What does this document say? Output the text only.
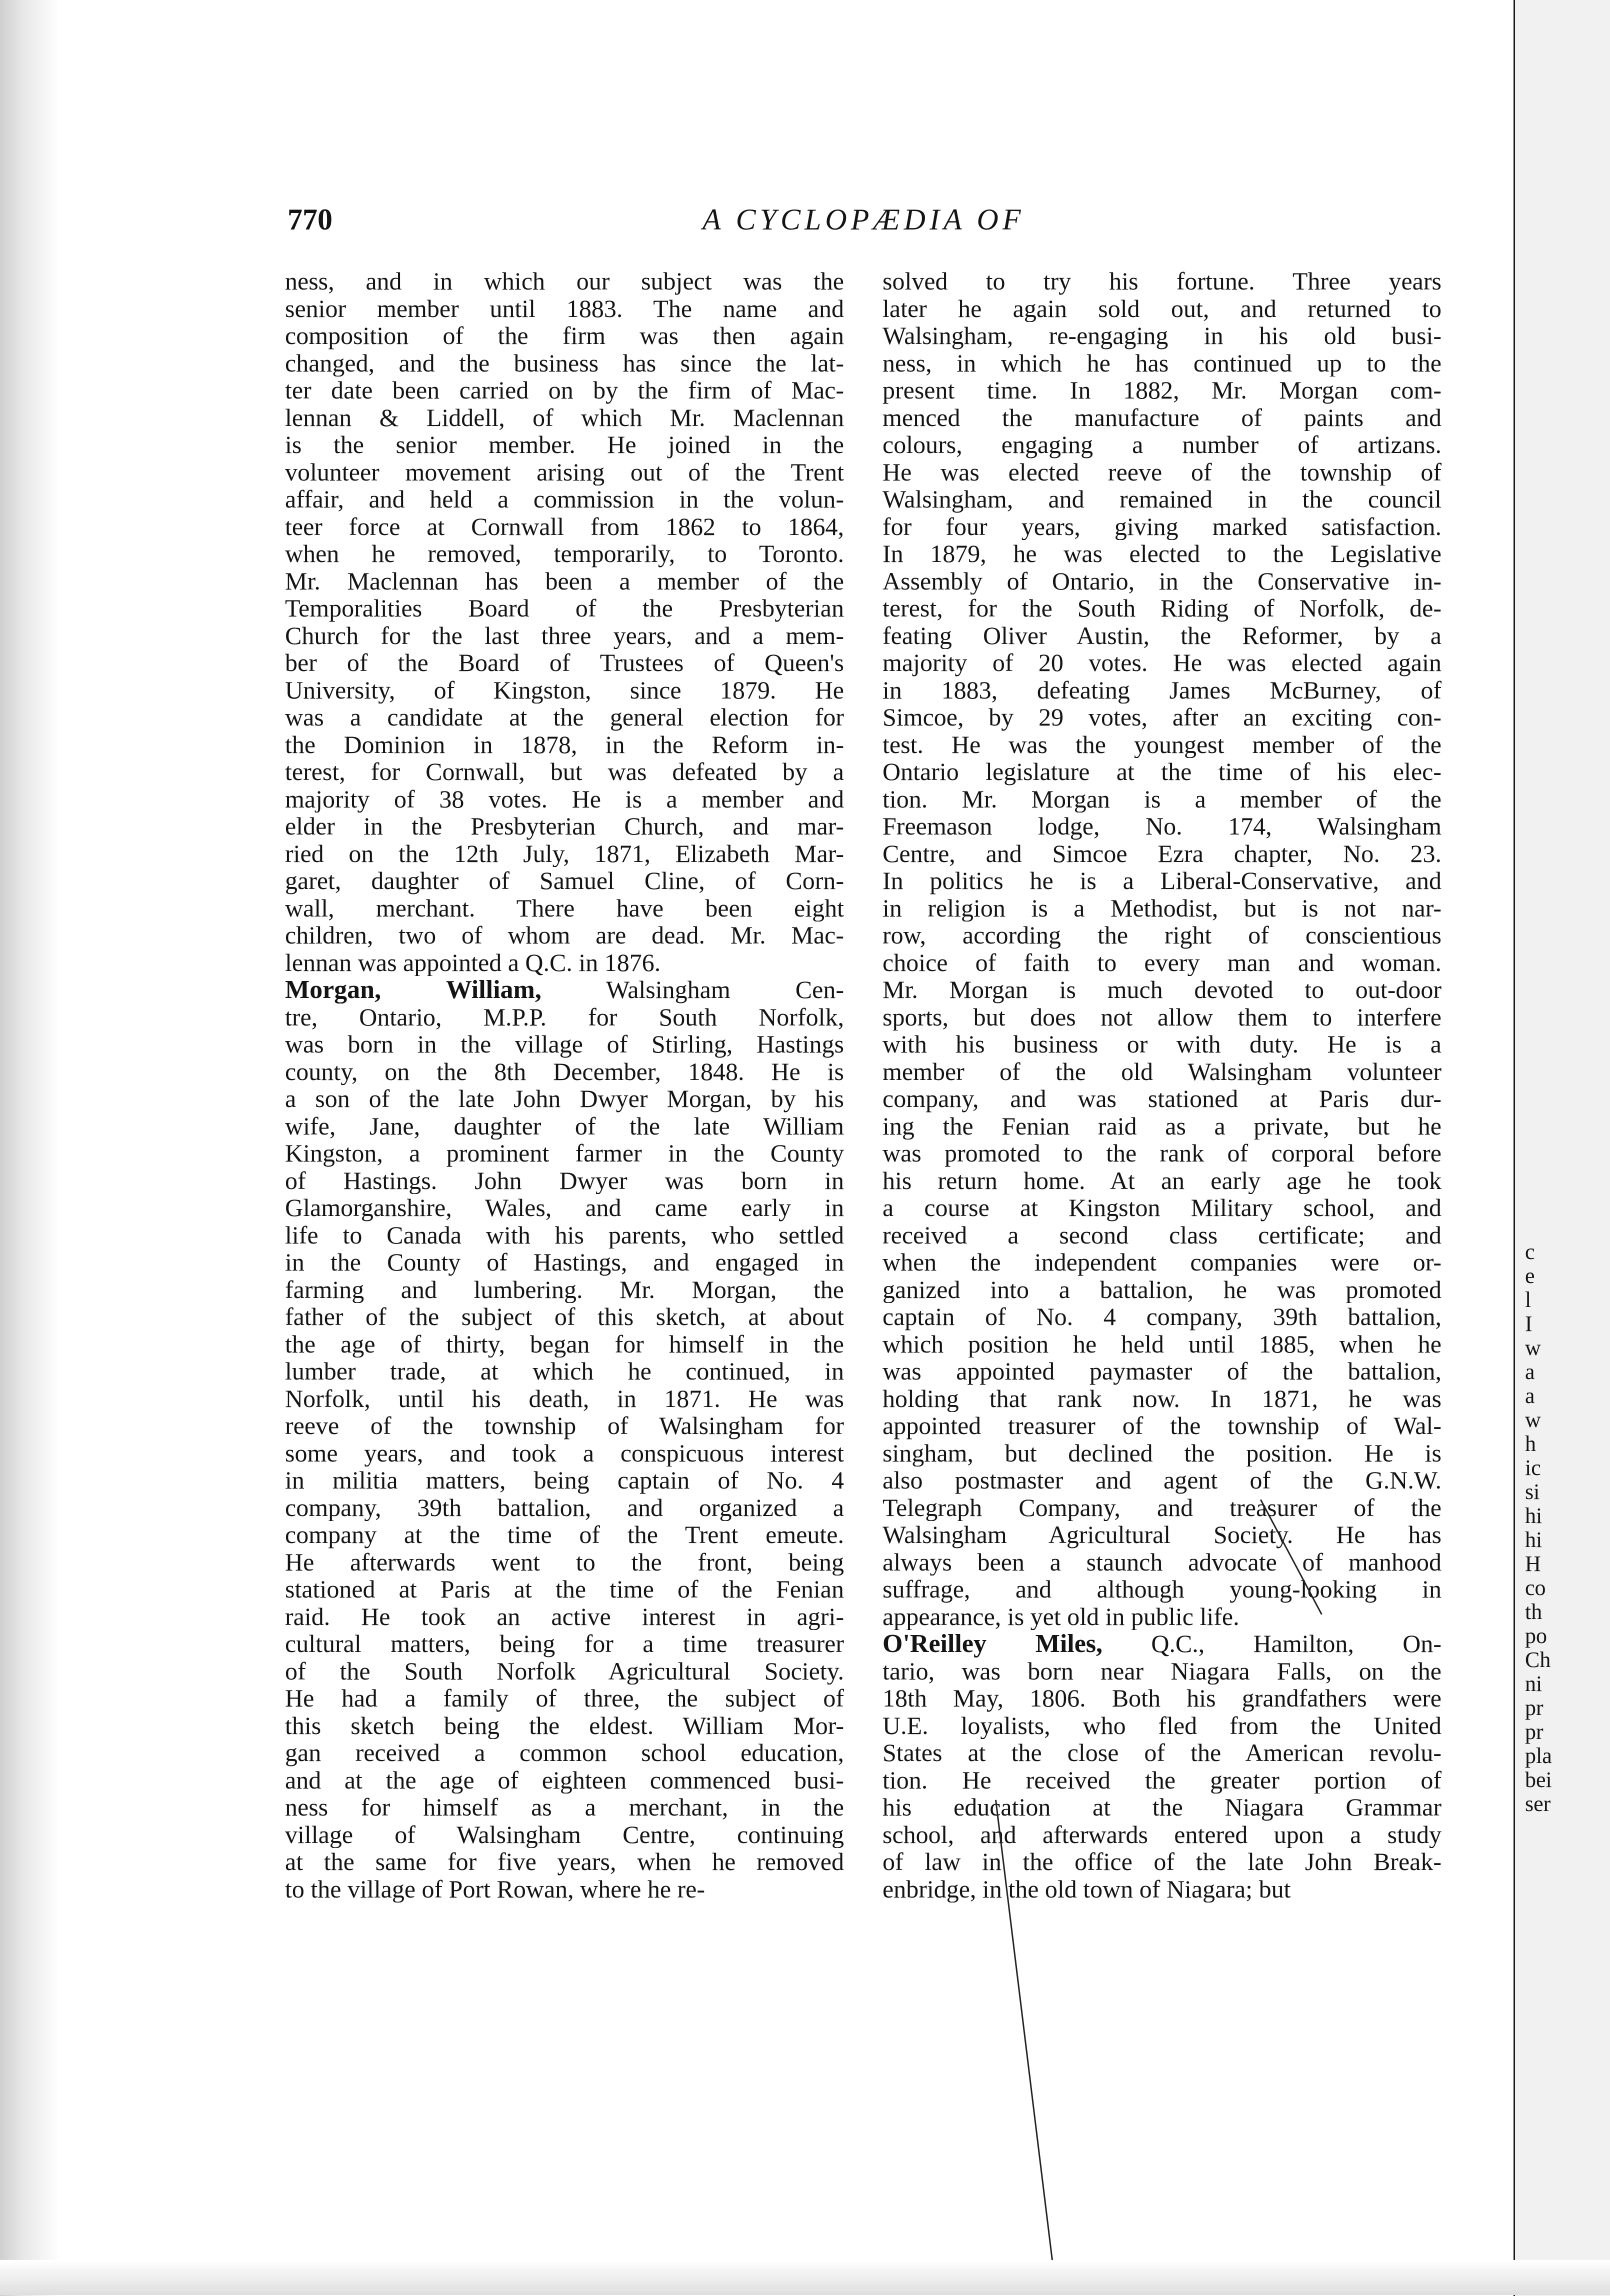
770	A CYCLOPÆDIA OF
ness, and in which our subject was the
senior member until 1883. The name and
composition of the firm was then again
changed, and the business has since the lat-
ter date been carried on by the firm of Mac-
lennan & Liddell, of which Mr. Maclennan
is the senior member. He joined in the
volunteer movement arising out of the Trent
affair, and held a commission in the volun-
teer force at Cornwall from 1862 to 1864,
when he removed, temporarily, to Toronto.
Mr. Maclennan has been a member of the
Temporalities Board of the Presbyterian
Church for the last three years, and a mem-
ber of the Board of Trustees of Queen's
University, of Kingston, since 1879. He
was a candidate at the general election for
the Dominion in 1878, in the Reform in-
terest, for Cornwall, but was defeated by a
majority of 38 votes. He is a member and
elder in the Presbyterian Church, and mar-
ried on the 12th July, 1871, Elizabeth Mar-
garet, daughter of Samuel Cline, of Corn-
wall, merchant. There have been eight
children, two of whom are dead. Mr. Mac-
lennan was appointed a Q.C. in 1876.
Morgan, William, Walsingham Cen-
tre, Ontario, M.P.P. for South Norfolk,
was born in the village of Stirling, Hastings
county, on the 8th December, 1848. He is
a son of the late John Dwyer Morgan, by his
wife, Jane, daughter of the late William
Kingston, a prominent farmer in the County
of Hastings. John Dwyer was born in
Glamorganshire, Wales, and came early in
life to Canada with his parents, who settled
in the County of Hastings, and engaged in
farming and lumbering. Mr. Morgan, the
father of the subject of this sketch, at about
the age of thirty, began for himself in the
lumber trade, at which he continued, in
Norfolk, until his death, in 1871. He was
reeve of the township of Walsingham for
some years, and took a conspicuous interest
in militia matters, being captain of No. 4
company, 39th battalion, and organized a
company at the time of the Trent emeute.
He afterwards went to the front, being
stationed at Paris at the time of the Fenian
raid. He took an active interest in agri-
cultural matters, being for a time treasurer
of the South Norfolk Agricultural Society.
He had a family of three, the subject of
this sketch being the eldest. William Mor-
gan received a common school education,
and at the age of eighteen commenced busi-
ness for himself as a merchant, in the
village of Walsingham Centre, continuing
at the same for five years, when he removed
to the village of Port Rowan, where he re-
solved to try his fortune. Three years
later he again sold out, and returned to
Walsingham, re-engaging in his old busi-
ness, in which he has continued up to the
present time. In 1882, Mr. Morgan com-
menced the manufacture of paints and
colours, engaging a number of artizans.
He was elected reeve of the township of
Walsingham, and remained in the council
for four years, giving marked satisfaction.
In 1879, he was elected to the Legislative
Assembly of Ontario, in the Conservative in-
terest, for the South Riding of Norfolk, de-
feating Oliver Austin, the Reformer, by a
majority of 20 votes. He was elected again
in 1883, defeating James McBurney, of
Simcoe, by 29 votes, after an exciting con-
test. He was the youngest member of the
Ontario legislature at the time of his elec-
tion. Mr. Morgan is a member of the
Freemason lodge, No. 174, Walsingham
Centre, and Simcoe Ezra chapter, No. 23.
In politics he is a Liberal-Conservative, and
in religion is a Methodist, but is not nar-
row, according the right of conscientious
choice of faith to every man and woman.
Mr. Morgan is much devoted to out-door
sports, but does not allow them to interfere
with his business or with duty. He is a
member of the old Walsingham volunteer
company, and was stationed at Paris dur-
ing the Fenian raid as a private, but he
was promoted to the rank of corporal before
his return home. At an early age he took
a course at Kingston Military school, and
received a second class certificate; and
when the independent companies were or-
ganized into a battalion, he was promoted
captain of No. 4 company, 39th battalion,
which position he held until 1885, when he
was appointed paymaster of the battalion,
holding that rank now. In 1871, he was
appointed treasurer of the township of Wal-
singham, but declined the position. He is
also postmaster and agent of the G.N.W.
Telegraph Company, and treasurer of the
Walsingham Agricultural Society. He has
always been a staunch advocate of manhood
suffrage, and although young-looking in
appearance, is yet old in public life.
O'Reilley Miles, Q.C., Hamilton, On-
tario, was born near Niagara Falls, on the
18th May, 1806. Both his grandfathers were
U.E. loyalists, who fled from the United
States at the close of the American revolu-
tion. He received the greater portion of
his education at the Niagara Grammar
school, and afterwards entered upon a study
of law in the office of the late John Break-
enbridge, in the old town of Niagara; but
c
e
l
I
w
a
a
w
h
ic
si
hi
hi
H
co
th
po
Ch
ni
pr
pr
pla
bei
ser
